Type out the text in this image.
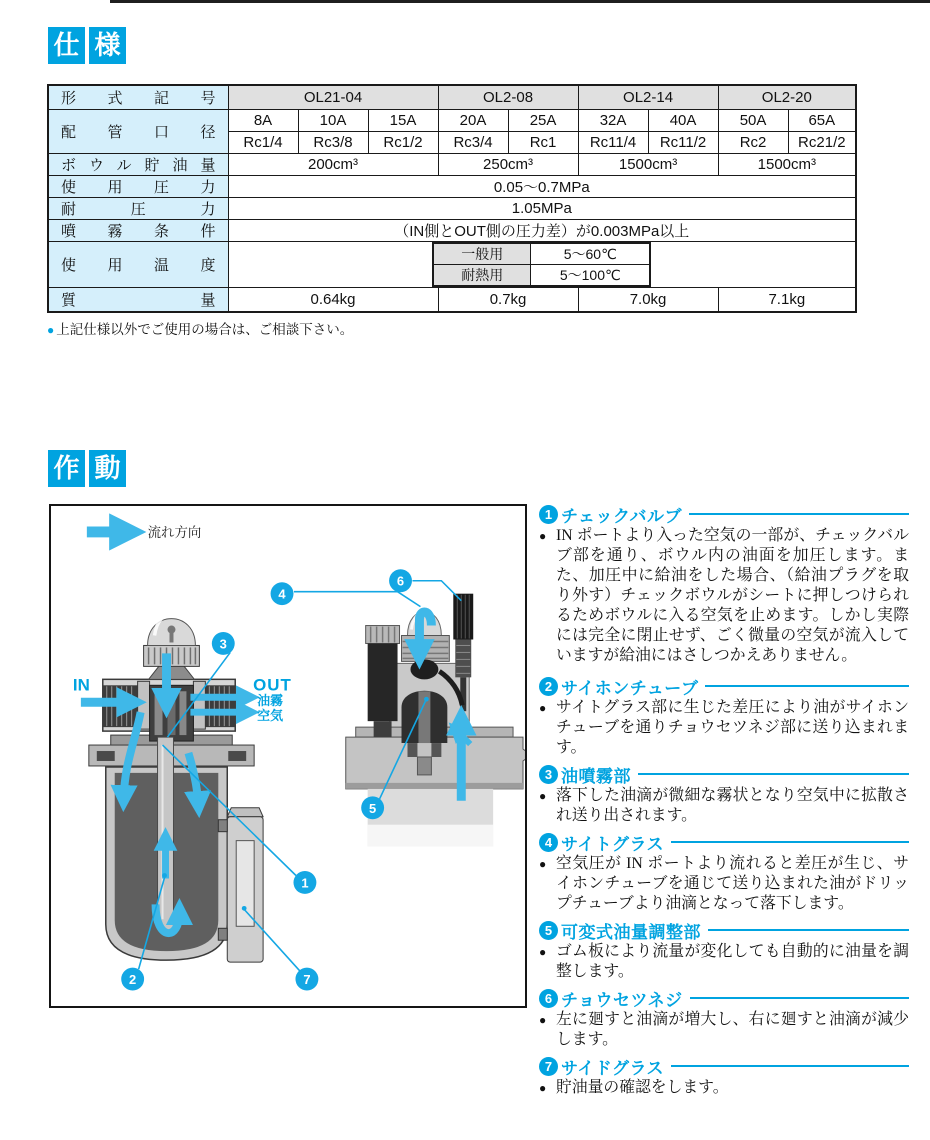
仕 様
形式記号	OL21-04	OL2-08	OL2-14	OL2-20
配管口径	8A	10A	15A	20A	25A	32A	40A	50A	65A
Rc1/4	Rc3/8	Rc1/2	Rc3/4	Rc1	Rc11/4	Rc11/2	Rc2	Rc21/2
ボウル貯油量	200cm³	250cm³	1500cm³	1500cm³
使用圧力	0.05～0.7MPa
耐圧力	1.05MPa
噴霧条件	（IN側とOUT側の圧力差）が0.003MPa以上
使用温度	
一般用	5～60℃
耐熱用	5～100℃

質量	0.64kg	0.7kg	7.0kg	7.1kg
● 上記仕様以外でご使用の場合は、ご相談下さい。
作 動
流れ方向
IN	OUT
油霧
空気
3
1
2	7
4
6
5
1 チェックバルブ
● IN ポートより入った空気の一部が、チェックバルブ部を通り、ボウル内の油面を加圧します。また、加圧中に給油をした場合、（給油プラグを取り外す）チェックボウルがシートに押しつけられるためボウルに入る空気を止めます。しかし実際には完全に閉止せず、ごく微量の空気が流入していますが給油にはさしつかえありません。
2 サイホンチューブ
● サイトグラス部に生じた差圧により油がサイホンチューブを通りチョウセツネジ部に送り込まれます。
3 油噴霧部
● 落下した油滴が微細な霧状となり空気中に拡散され送り出されます。
4 サイトグラス
● 空気圧が IN ポートより流れると差圧が生じ、サイホンチューブを通じて送り込まれた油がドリップチューブより油滴となって落下します。
5 可変式油量調整部
● ゴム板により流量が変化しても自動的に油量を調整します。
6 チョウセツネジ
● 左に廻すと油滴が増大し、右に廻すと油滴が減少します。
7 サイドグラス
● 貯油量の確認をします。
